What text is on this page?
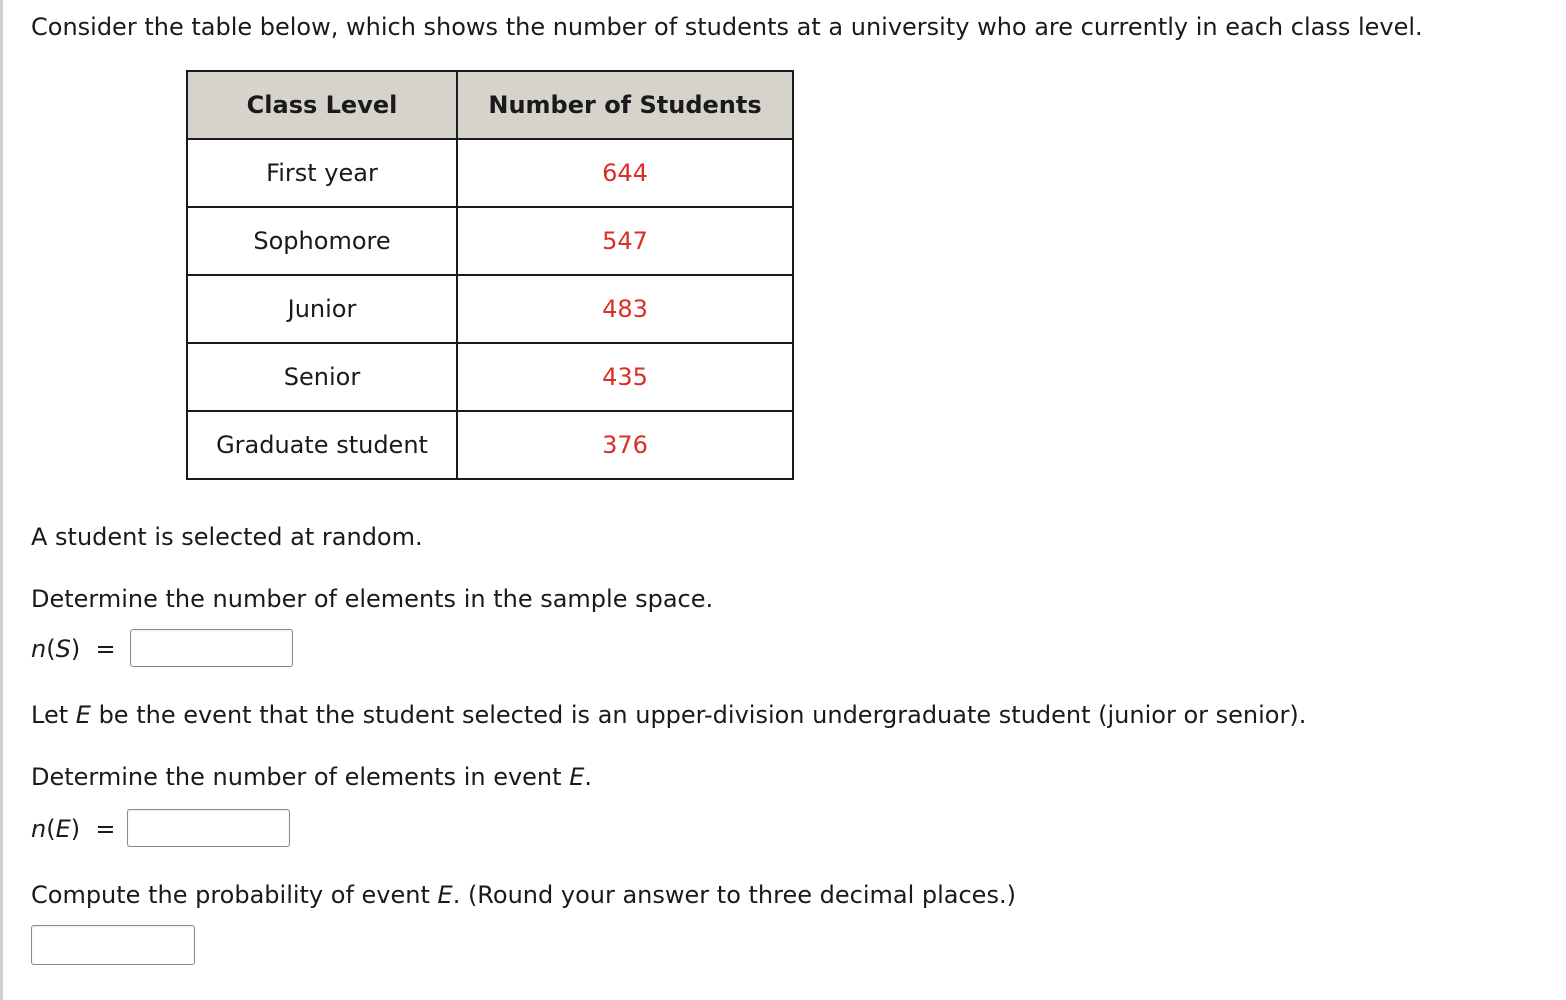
Consider the table below, which shows the number of students at a university who are currently in each class level.
Class Level	Number of Students
First year	644
Sophomore	547
Junior	483
Senior	435
Graduate student	376
A student is selected at random.
Determine the number of elements in the sample space.
n(S)  =
Let E be the event that the student selected is an upper-division undergraduate student (junior or senior).
Determine the number of elements in event E.
n(E)  =
Compute the probability of event E. (Round your answer to three decimal places.)
